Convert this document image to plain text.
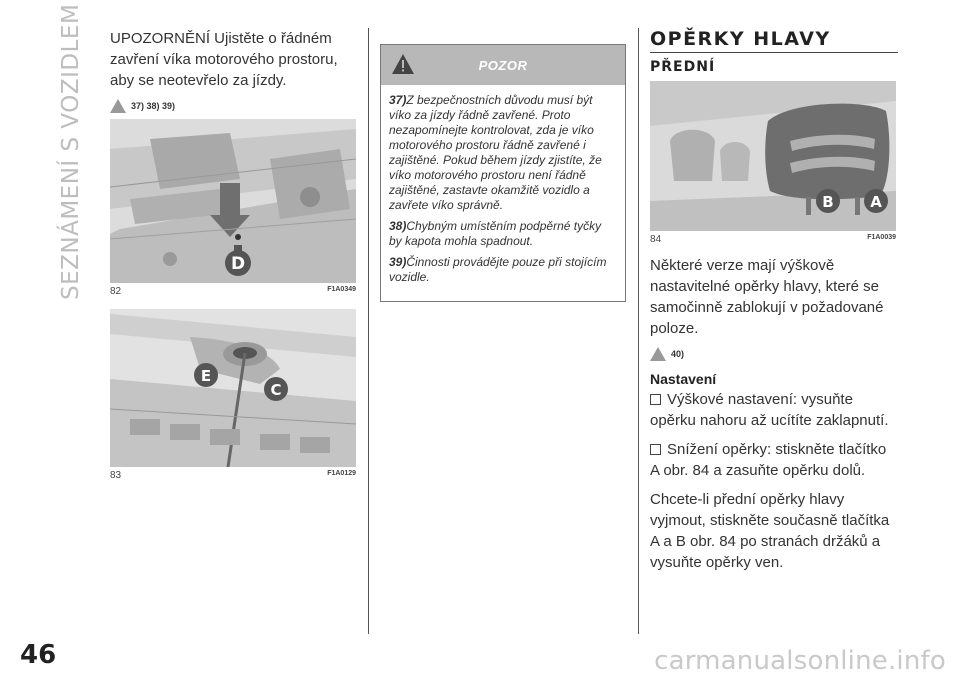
SEZNÁMENÍ S VOZIDLEM
46	carmanualsonline.info
UPOZORNĚNÍ Ujistěte o řádném zavření víka motorového prostoru, aby se neotevřelo za jízdy.
37) 38) 39)
D
82	F1A0349
E
C
83	F1A0129
POZOR

37)Z bezpečnostních důvodu musí být víko za jízdy řádně zavřené. Proto nezapomínejte kontrolovat, zda je víko motorového prostoru řádně zavřené i zajištěné. Pokud během jízdy zjistíte, že víko motorového prostoru není řádně zajištěné, zastavte okamžitě vozidlo a zavřete víko správně.

38)Chybným umístěním podpěrné tyčky by kapota mohla spadnout.

39)Činnosti provádějte pouze při stojícím vozidle.

OPĚRKY HLAVY
PŘEDNÍ
B A
84	F1A0039
Některé verze mají výškově nastavitelné opěrky hlavy, které se samočinně zablokují v požadované poloze.
40)
Nastavení
Výškové nastavení: vysuňte opěrku nahoru až ucítíte zaklapnutí.
Snížení opěrky: stiskněte tlačítko A obr. 84 a zasuňte opěrku dolů.
Chcete-li přední opěrky hlavy vyjmout, stiskněte současně tlačítka A a B obr. 84 po stranách držáků a vysuňte opěrky ven.
